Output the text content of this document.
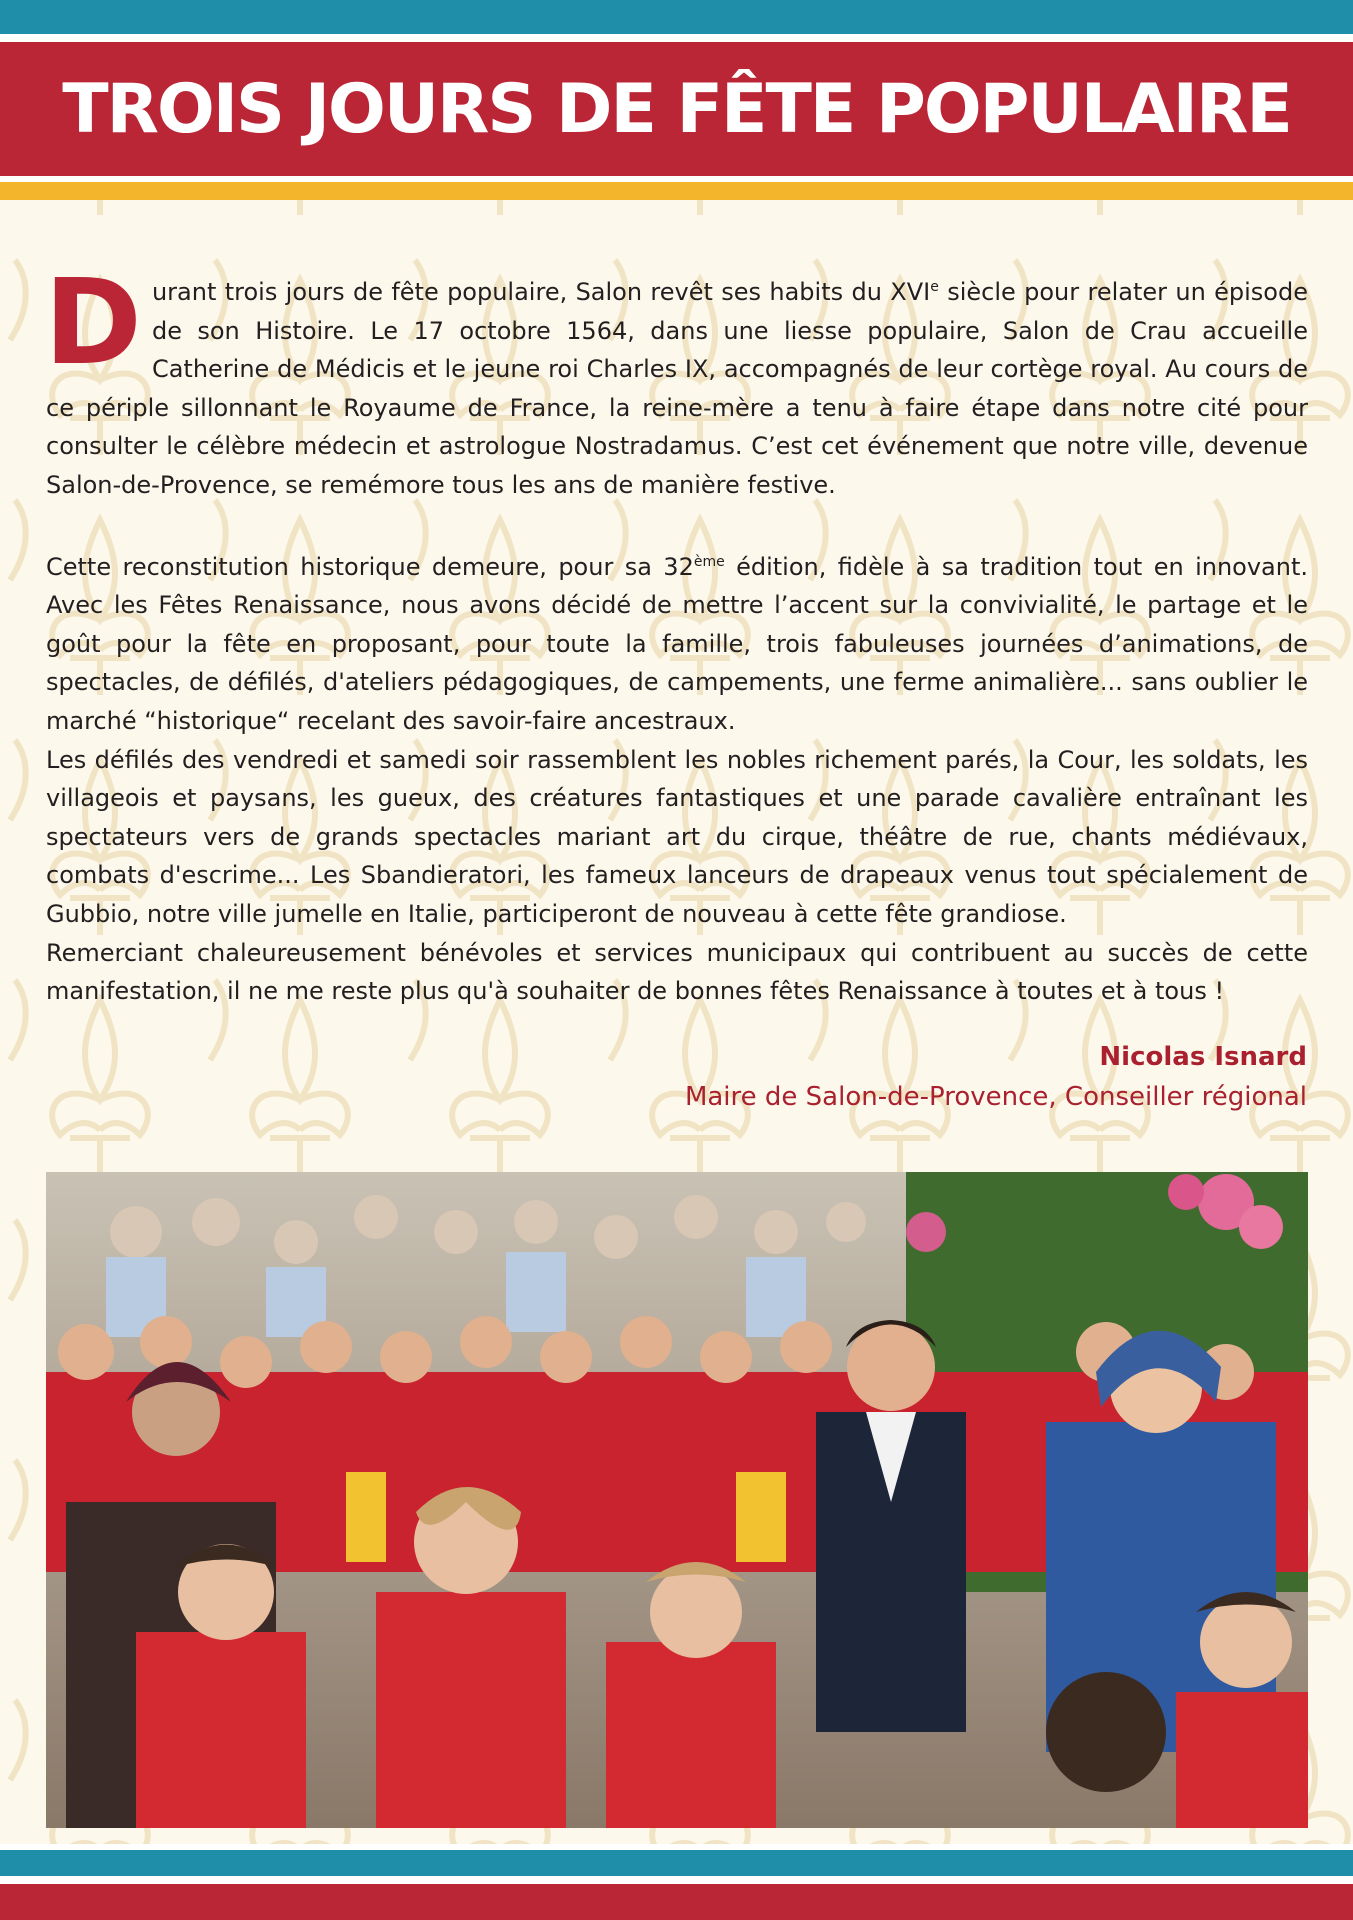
TROIS JOURS DE FÊTE POPULAIRE

Durant trois jours de fête populaire, Salon revêt ses habits du XVIe siècle pour relater un épisode de son Histoire. Le 17 octobre 1564, dans une liesse populaire, Salon de Crau accueille Catherine de Médicis et le jeune roi Charles IX, accompagnés de leur cortège royal. Au cours de ce périple sillonnant le Royaume de France, la reine-mère a tenu à faire étape dans notre cité pour consulter le célèbre médecin et astrologue Nostradamus. C’est cet événement que notre ville, devenue Salon-de-Provence, se remémore tous les ans de manière festive.

Cette reconstitution historique demeure, pour sa 32ème édition, fidèle à sa tradition tout en innovant. Avec les Fêtes Renaissance, nous avons décidé de mettre l’accent sur la convivialité, le partage et le goût pour la fête en proposant, pour toute la famille, trois fabuleuses journées d’animations, de spectacles, de défilés, d'ateliers pédagogiques, de campements, une ferme animalière... sans oublier le marché “historique“ recelant des savoir-faire ancestraux.

Les défilés des vendredi et samedi soir rassemblent les nobles richement parés, la Cour, les soldats, les villageois et paysans, les gueux, des créatures fantastiques et une parade cavalière entraînant les spectateurs vers de grands spectacles mariant art du cirque, théâtre de rue, chants médiévaux, combats d'escrime... Les Sbandieratori, les fameux lanceurs de drapeaux venus tout spécialement de Gubbio, notre ville jumelle en Italie, participeront de nouveau à cette fête grandiose.

Remerciant chaleureusement bénévoles et services municipaux qui contribuent au succès de cette manifestation, il ne me reste plus qu'à souhaiter de bonnes fêtes Renaissance à toutes et à tous !

Nicolas Isnard
Maire de Salon-de-Provence, Conseiller régional
